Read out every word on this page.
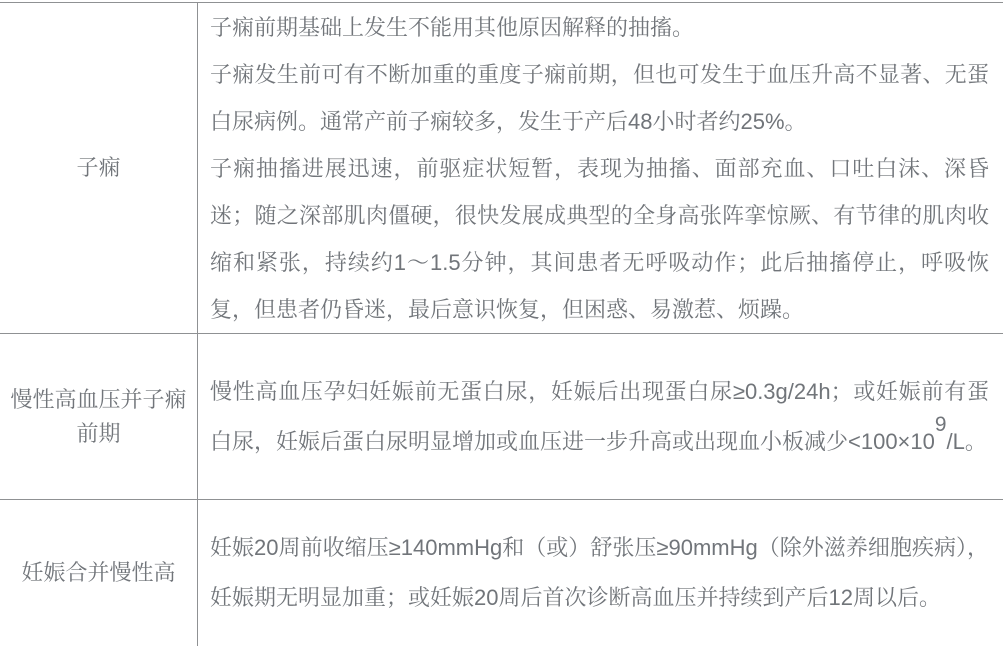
子痫

子痫前期基础上发生不能用其他原因解释的抽搐。

子痫发生前可有不断加重的重度子痫前期，但也可发生于血压升高不显著、无蛋白尿病例。通常产前子痫较多，发生于产后48小时者约25%。

子痫抽搐进展迅速，前驱症状短暂，表现为抽搐、面部充血、口吐白沫、深昏迷；随之深部肌肉僵硬，很快发展成典型的全身高张阵挛惊厥、有节律的肌肉收缩和紧张，持续约1～1.5分钟，其间患者无呼吸动作；此后抽搐停止，呼吸恢复，但患者仍昏迷，最后意识恢复，但困惑、易激惹、烦躁。

慢性高血压并子痫前期

慢性高血压孕妇妊娠前无蛋白尿，妊娠后出现蛋白尿≥0.3g/24h；或妊娠前有蛋白尿，妊娠后蛋白尿明显增加或血压进一步升高或出现血小板减少$<100\times 10^9/L$。

妊娠合并慢性高

妊娠20周前收缩压≥140mmHg和（或）舒张压≥90mmHg（除外滋养细胞疾病），妊娠期无明显加重；或妊娠20周后首次诊断高血压并持续到产后12周以后。
